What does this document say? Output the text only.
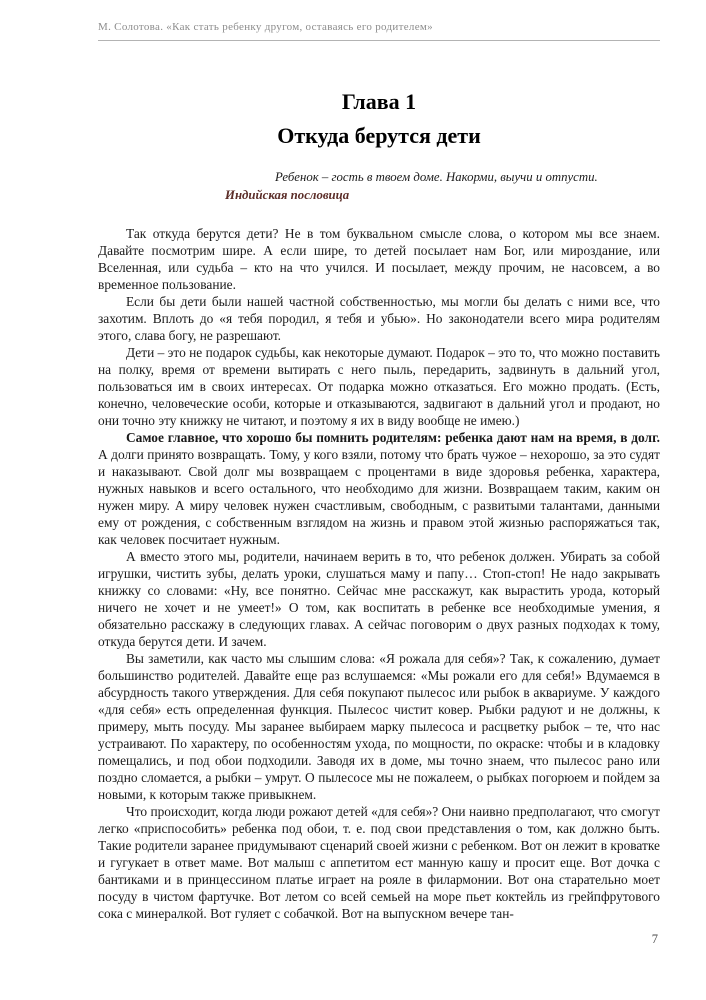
М. Солотова. «Как стать ребенку другом, оставаясь его родителем»
Глава 1
Откуда берутся дети

Ребенок – гость в твоем доме. Накорми, выучи и отпусти.

Индийская пословица

Так откуда берутся дети? Не в том буквальном смысле слова, о котором мы все знаем. Давайте посмотрим шире. А если шире, то детей посылает нам Бог, или мироздание, или Вселенная, или судьба – кто на что учился. И посылает, между прочим, не насовсем, а во временное пользование.

Если бы дети были нашей частной собственностью, мы могли бы делать с ними все, что захотим. Вплоть до «я тебя породил, я тебя и убью». Но законодатели всего мира родителям этого, слава богу, не разрешают.

Дети – это не подарок судьбы, как некоторые думают. Подарок – это то, что можно поставить на полку, время от времени вытирать с него пыль, передарить, задвинуть в дальний угол, пользоваться им в своих интересах. От подарка можно отказаться. Его можно продать. (Есть, конечно, человеческие особи, которые и отказываются, задвигают в дальний угол и продают, но они точно эту книжку не читают, и поэтому я их в виду вообще не имею.)

Самое главное, что хорошо бы помнить родителям: ребенка дают нам на время, в долг. А долги принято возвращать. Тому, у кого взяли, потому что брать чужое – нехорошо, за это судят и наказывают. Свой долг мы возвращаем с процентами в виде здоровья ребенка, характера, нужных навыков и всего остального, что необходимо для жизни. Возвращаем таким, каким он нужен миру. А миру человек нужен счастливым, свободным, с развитыми талантами, данными ему от рождения, с собственным взглядом на жизнь и правом этой жизнью распоряжаться так, как человек посчитает нужным.

А вместо этого мы, родители, начинаем верить в то, что ребенок должен. Убирать за собой игрушки, чистить зубы, делать уроки, слушаться маму и папу… Стоп-стоп! Не надо закрывать книжку со словами: «Ну, все понятно. Сейчас мне расскажут, как вырастить урода, который ничего не хочет и не умеет!» О том, как воспитать в ребенке все необходимые умения, я обязательно расскажу в следующих главах. А сейчас поговорим о двух разных подходах к тому, откуда берутся дети. И зачем.

Вы заметили, как часто мы слышим слова: «Я рожала для себя»? Так, к сожалению, думает большинство родителей. Давайте еще раз вслушаемся: «Мы рожали его для себя!» Вдумаемся в абсурдность такого утверждения. Для себя покупают пылесос или рыбок в аквариуме. У каждого «для себя» есть определенная функция. Пылесос чистит ковер. Рыбки радуют и не должны, к примеру, мыть посуду. Мы заранее выбираем марку пылесоса и расцветку рыбок – те, что нас устраивают. По характеру, по особенностям ухода, по мощности, по окраске: чтобы и в кладовку помещались, и под обои подходили. Заводя их в доме, мы точно знаем, что пылесос рано или поздно сломается, а рыбки – умрут. О пылесосе мы не пожалеем, о рыбках погорюем и пойдем за новыми, к которым также привыкнем.

Что происходит, когда люди рожают детей «для себя»? Они наивно предполагают, что смогут легко «приспособить» ребенка под обои, т. е. под свои представления о том, как должно быть. Такие родители заранее придумывают сценарий своей жизни с ребенком. Вот он лежит в кроватке и гугукает в ответ маме. Вот малыш с аппетитом ест манную кашу и просит еще. Вот дочка с бантиками и в принцессином платье играет на рояле в филармонии. Вот она старательно моет посуду в чистом фартучке. Вот летом со всей семьей на море пьет коктейль из грейпфрутового сока с минералкой. Вот гуляет с собачкой. Вот на выпускном вечере тан-

7
